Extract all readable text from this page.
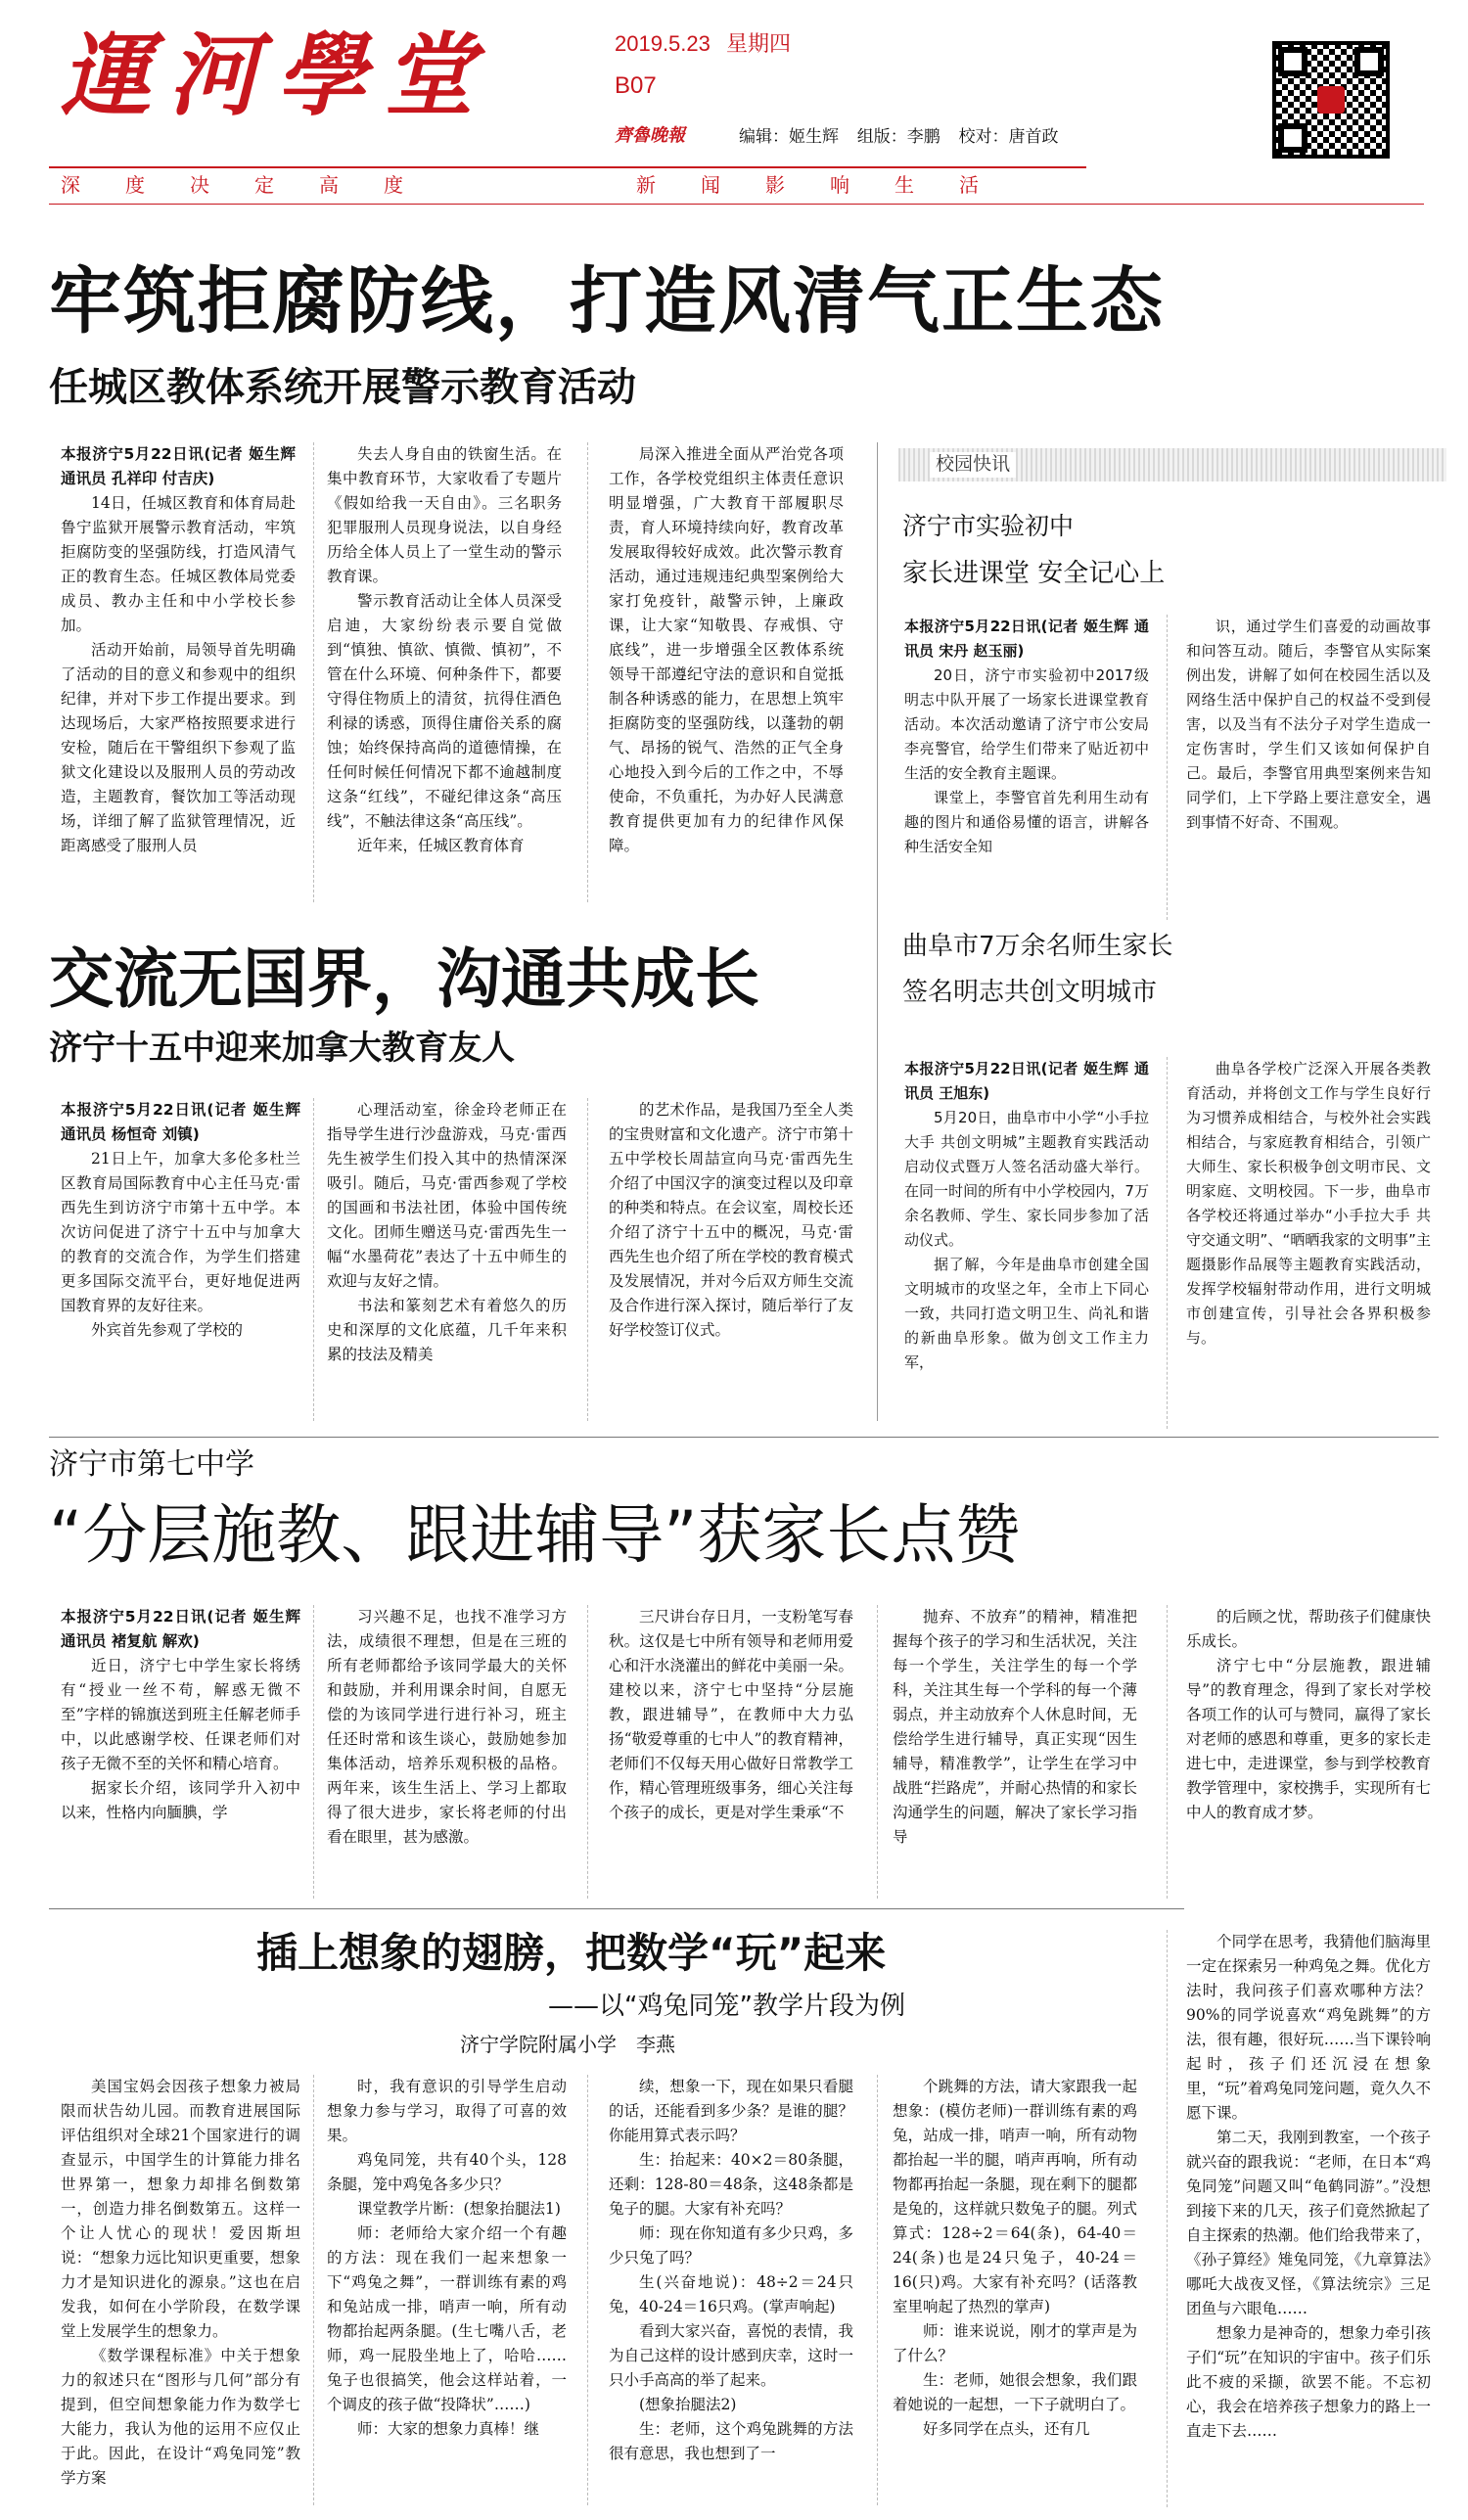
運河學堂	2019.5.23 星期四
B07
齊魯晚報	编辑：姬生辉 组版：李鹏 校对：唐首政
深度决定高度	新闻影响生活
牢筑拒腐防线，打造风清气正生态
任城区教体系统开展警示教育活动

本报济宁5月22日讯(记者 姬生辉 通讯员 孔祥印 付吉庆)

14日，任城区教育和体育局赴鲁宁监狱开展警示教育活动，牢筑拒腐防变的坚强防线，打造风清气正的教育生态。任城区教体局党委成员、教办主任和中小学校长参加。

活动开始前，局领导首先明确了活动的目的意义和参观中的组织纪律，并对下步工作提出要求。到达现场后，大家严格按照要求进行安检，随后在干警组织下参观了监狱文化建设以及服刑人员的劳动改造，主题教育，餐饮加工等活动现场，详细了解了监狱管理情况，近距离感受了服刑人员

失去人身自由的铁窗生活。在集中教育环节，大家收看了专题片《假如给我一天自由》。三名职务犯罪服刑人员现身说法，以自身经历给全体人员上了一堂生动的警示教育课。

警示教育活动让全体人员深受启迪，大家纷纷表示要自觉做到“慎独、慎欲、慎微、慎初”，不管在什么环境、何种条件下，都要守得住物质上的清贫，抗得住酒色利禄的诱惑，顶得住庸俗关系的腐蚀；始终保持高尚的道德情操，在任何时候任何情况下都不逾越制度这条“红线”，不碰纪律这条“高压线”，不触法律这条“高压线”。

近年来，任城区教育体育

局深入推进全面从严治党各项工作，各学校党组织主体责任意识明显增强，广大教育干部履职尽责，育人环境持续向好，教育改革发展取得较好成效。此次警示教育活动，通过违规违纪典型案例给大家打免疫针，敲警示钟，上廉政课，让大家“知敬畏、存戒惧、守底线”，进一步增强全区教体系统领导干部遵纪守法的意识和自觉抵制各种诱惑的能力，在思想上筑牢拒腐防变的坚强防线，以蓬勃的朝气、昂扬的锐气、浩然的正气全身心地投入到今后的工作之中，不辱使命，不负重托，为办好人民满意教育提供更加有力的纪律作风保障。

校园快讯
济宁市实验初中
家长进课堂 安全记心上

本报济宁5月22日讯(记者 姬生辉 通讯员 宋丹 赵玉丽)

20日，济宁市实验初中2017级明志中队开展了一场家长进课堂教育活动。本次活动邀请了济宁市公安局李亮警官，给学生们带来了贴近初中生活的安全教育主题课。

课堂上，李警官首先利用生动有趣的图片和通俗易懂的语言，讲解各种生活安全知

识，通过学生们喜爱的动画故事和问答互动。随后，李警官从实际案例出发，讲解了如何在校园生活以及网络生活中保护自己的权益不受到侵害，以及当有不法分子对学生造成一定伤害时，学生们又该如何保护自己。最后，李警官用典型案例来告知同学们，上下学路上要注意安全，遇到事情不好奇、不围观。

曲阜市7万余名师生家长
签名明志共创文明城市

本报济宁5月22日讯(记者 姬生辉 通讯员 王旭东)

5月20日，曲阜市中小学“小手拉大手 共创文明城”主题教育实践活动启动仪式暨万人签名活动盛大举行。在同一时间的所有中小学校园内，7万余名教师、学生、家长同步参加了活动仪式。

据了解，今年是曲阜市创建全国文明城市的攻坚之年，全市上下同心一致，共同打造文明卫生、尚礼和谐的新曲阜形象。做为创文工作主力军，

曲阜各学校广泛深入开展各类教育活动，并将创文工作与学生良好行为习惯养成相结合，与校外社会实践相结合，与家庭教育相结合，引领广大师生、家长积极争创文明市民、文明家庭、文明校园。下一步，曲阜市各学校还将通过举办“小手拉大手 共守交通文明”、“晒晒我家的文明事”主题摄影作品展等主题教育实践活动，发挥学校辐射带动作用，进行文明城市创建宣传，引导社会各界积极参与。

交流无国界，沟通共成长
济宁十五中迎来加拿大教育友人

本报济宁5月22日讯(记者 姬生辉 通讯员 杨恒奇 刘镇)

21日上午，加拿大多伦多杜兰区教育局国际教育中心主任马克·雷西先生到访济宁市第十五中学。本次访问促进了济宁十五中与加拿大的教育的交流合作，为学生们搭建更多国际交流平台，更好地促进两国教育界的友好往来。

外宾首先参观了学校的

心理活动室，徐金玲老师正在指导学生进行沙盘游戏，马克·雷西先生被学生们投入其中的热情深深吸引。随后，马克·雷西参观了学校的国画和书法社团，体验中国传统文化。团师生赠送马克·雷西先生一幅“水墨荷花”表达了十五中师生的欢迎与友好之情。

书法和篆刻艺术有着悠久的历史和深厚的文化底蕴，几千年来积累的技法及精美

的艺术作品，是我国乃至全人类的宝贵财富和文化遗产。济宁市第十五中学校长周喆宣向马克·雷西先生介绍了中国汉字的演变过程以及印章的种类和特点。在会议室，周校长还介绍了济宁十五中的概况，马克·雷西先生也介绍了所在学校的教育模式及发展情况，并对今后双方师生交流及合作进行深入探讨，随后举行了友好学校签订仪式。

济宁市第七中学
“分层施教、跟进辅导”获家长点赞

本报济宁5月22日讯(记者 姬生辉 通讯员 褚复航 解欢)

近日，济宁七中学生家长将绣有“授业一丝不苟，解惑无微不至”字样的锦旗送到班主任解老师手中，以此感谢学校、任课老师们对孩子无微不至的关怀和精心培育。

据家长介绍，该同学升入初中以来，性格内向腼腆，学

习兴趣不足，也找不准学习方法，成绩很不理想，但是在三班的所有老师都给予该同学最大的关怀和鼓励，并利用课余时间，自愿无偿的为该同学进行进行补习，班主任还时常和该生谈心，鼓励她参加集体活动，培养乐观积极的品格。两年来，该生生活上、学习上都取得了很大进步，家长将老师的付出看在眼里，甚为感激。

三尺讲台存日月，一支粉笔写春秋。这仅是七中所有领导和老师用爱心和汗水浇灌出的鲜花中美丽一朵。建校以来，济宁七中坚持“分层施教，跟进辅导”，在教师中大力弘扬“敬爱尊重的七中人”的教育精神，老师们不仅每天用心做好日常教学工作，精心管理班级事务，细心关注每个孩子的成长，更是对学生秉承“不

抛弃、不放弃”的精神，精准把握每个孩子的学习和生活状况，关注每一个学生，关注学生的每一个学科，关注其生每一个学科的每一个薄弱点，并主动放弃个人休息时间，无偿给学生进行辅导，真正实现“因生辅导，精准教学”，让学生在学习中战胜“拦路虎”，并耐心热情的和家长沟通学生的问题，解决了家长学习指导

的后顾之忧，帮助孩子们健康快乐成长。

济宁七中“分层施教，跟进辅导”的教育理念，得到了家长对学校各项工作的认可与赞同，赢得了家长对老师的感恩和尊重，更多的家长走进七中，走进课堂，参与到学校教育教学管理中，家校携手，实现所有七中人的教育成才梦。

插上想象的翅膀，把数学“玩”起来
——以“鸡兔同笼”教学片段为例
济宁学院附属小学　李燕

美国宝妈会因孩子想象力被局限而状告幼儿园。而教育进展国际评估组织对全球21个国家进行的调查显示，中国学生的计算能力排名世界第一，想象力却排名倒数第一，创造力排名倒数第五。这样一个让人忧心的现状！爱因斯坦说：“想象力远比知识更重要，想象力才是知识进化的源泉。”这也在启发我，如何在小学阶段，在数学课堂上发展学生的想象力。

《数学课程标准》中关于想象力的叙述只在“图形与几何”部分有提到，但空间想象能力作为数学七大能力，我认为他的运用不应仅止于此。因此，在设计“鸡兔同笼”教学方案

时，我有意识的引导学生启动想象力参与学习，取得了可喜的效果。

鸡兔同笼，共有40个头，128条腿，笼中鸡兔各多少只？

课堂教学片断：(想象抬腿法1)

师：老师给大家介绍一个有趣的方法：现在我们一起来想象一下“鸡兔之舞”，一群训练有素的鸡和兔站成一排，哨声一响，所有动物都抬起两条腿。(生七嘴八舌，老师，鸡一屁股坐地上了，哈哈……兔子也很搞笑，他会这样站着，一个调皮的孩子做“投降状”……)

师：大家的想象力真棒！继

续，想象一下，现在如果只看腿的话，还能看到多少条？是谁的腿？你能用算式表示吗？

生：抬起来：40×2＝80条腿，还剩：128-80＝48条，这48条都是兔子的腿。大家有补充吗？

师：现在你知道有多少只鸡，多少只兔了吗？

生(兴奋地说)：48÷2＝24只兔，40-24＝16只鸡。(掌声响起)

看到大家兴奋，喜悦的表情，我为自己这样的设计感到庆幸，这时一只小手高高的举了起来。

(想象抬腿法2)

生：老师，这个鸡兔跳舞的方法很有意思，我也想到了一

个跳舞的方法，请大家跟我一起想象：(模仿老师)一群训练有素的鸡兔，站成一排，哨声一响，所有动物都抬起一半的腿，哨声再响，所有动物都再抬起一条腿，现在剩下的腿都是兔的，这样就只数兔子的腿。列式算式：128÷2＝64(条)，64-40＝24(条)也是24只兔子，40-24＝16(只)鸡。大家有补充吗？(话落教室里响起了热烈的掌声)

师：谁来说说，刚才的掌声是为了什么？

生：老师，她很会想象，我们跟着她说的一起想，一下子就明白了。

好多同学在点头，还有几

个同学在思考，我猜他们脑海里一定在探索另一种鸡兔之舞。优化方法时，我问孩子们喜欢哪种方法？90%的同学说喜欢“鸡兔跳舞”的方法，很有趣，很好玩……当下课铃响起时，孩子们还沉浸在想象里，“玩”着鸡兔同笼问题，竟久久不愿下课。

第二天，我刚到教室，一个孩子就兴奋的跟我说：“老师，在日本“鸡兔同笼”问题又叫“龟鹤同游”。”没想到接下来的几天，孩子们竟然掀起了自主探索的热潮。他们给我带来了，《孙子算经》雉兔同笼，《九章算法》哪吒大战夜叉怪，《算法统宗》三足团鱼与六眼龟……

想象力是神奇的，想象力牵引孩子们“玩”在知识的宇宙中。孩子们乐此不疲的采撷，欲罢不能。不忘初心，我会在培养孩子想象力的路上一直走下去……
